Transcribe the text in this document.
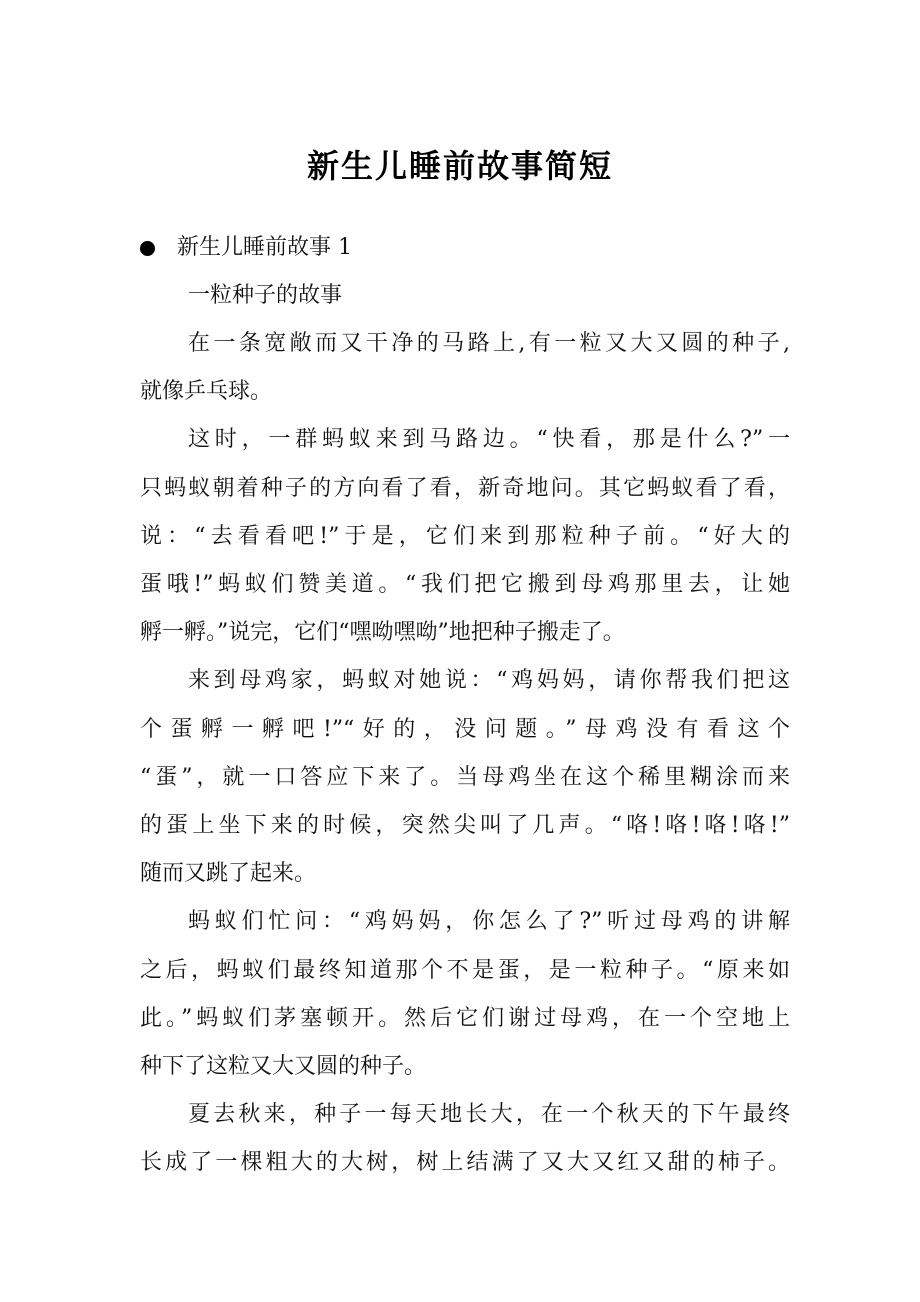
新生儿睡前故事简短
新生儿睡前故事 1
一粒种子的故事
在一条宽敞而又干净的马路上,有一粒又大又圆的种子,
就像乒乓球。
这时，一群蚂蚁来到马路边。“快看，那是什么?”一
只蚂蚁朝着种子的方向看了看，新奇地问。其它蚂蚁看了看，
说：“去看看吧!”于是，它们来到那粒种子前。“好大的
蛋哦!”蚂蚁们赞美道。“我们把它搬到母鸡那里去，让她
孵一孵。”说完，它们“嘿呦嘿呦”地把种子搬走了。
来到母鸡家，蚂蚁对她说：“鸡妈妈，请你帮我们把这
个蛋孵一孵吧!”“好的，没问题。”母鸡没有看这个
“蛋”，就一口答应下来了。当母鸡坐在这个稀里糊涂而来
的蛋上坐下来的时候，突然尖叫了几声。“咯!咯!咯!咯!”
随而又跳了起来。
蚂蚁们忙问：“鸡妈妈，你怎么了?”听过母鸡的讲解
之后，蚂蚁们最终知道那个不是蛋，是一粒种子。“原来如
此。”蚂蚁们茅塞顿开。然后它们谢过母鸡，在一个空地上
种下了这粒又大又圆的种子。
夏去秋来，种子一每天地长大，在一个秋天的下午最终
长成了一棵粗大的大树，树上结满了又大又红又甜的柿子。
